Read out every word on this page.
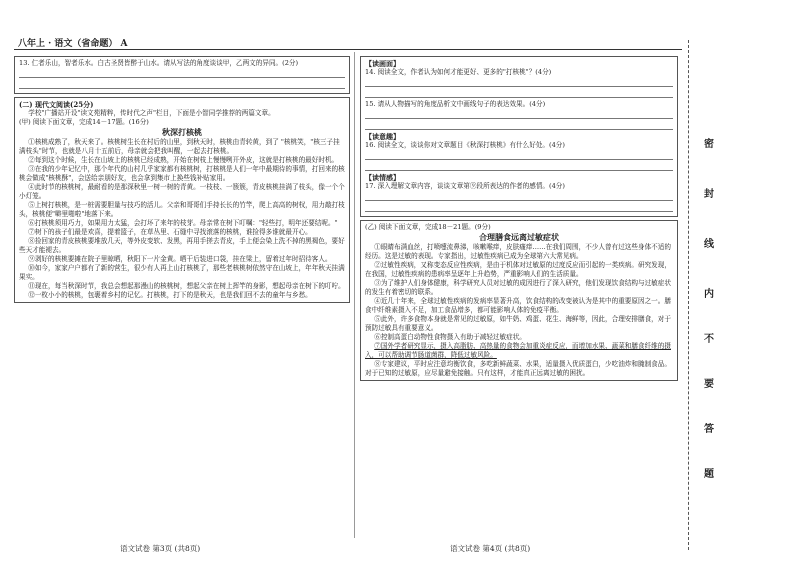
八年上 · 语文（省命题） A
13. 仁者乐山，智者乐水。白古圣贤皆醉于山水。请从写法的角度谈谈甲，乙两文的异同。(2分)
(二) 现代文阅读(25分)
学校"广播站开设"读文苑精粹，传时代之声"栏目，下面是小智同学推荐的两篇文章。
(甲) 阅读下面文章，完成14－17题。(16分)
秋深打核桃

①核桃成熟了，秋天来了。核桃树生长在村后的山里，到秋天时，核桃由青转黄，到了 "核桃笑，"核三子挂满枝头"时节，也就是八月十五前后，母亲就会把我叫醒，一起去打核桃。

②每到这个时候，生长在山坡上的核桃已经成熟，开始在树枝上慢慢咧开外皮，这就是打核桃的最好时机。

③在我的少年记忆中，那个年代的山村几乎家家都有核桃树，打核桃是人们一年中最期待的事情，打回来的核桃会做成"核桃酥"，会送给亲朋好友，也会拿到集市上换些钱补贴家用。

④此时节的核桃树，最耐看的是那深秋里一树一树的青黄。一枝枝、一簇簇，青皮核桃挂满了枝头，像一个个小灯笼。

⑤上树打核桃，是一桩需要胆量与技巧的活儿。父亲和哥哥们手持长长的竹竿，爬上高高的树杈，用力敲打枝头，核桃便"噼里啪啦"地落下来。

⑥打核桃须用巧力，如果用力太猛，会打坏了来年的枝芽。母亲常在树下叮嘱："轻些打，明年还要结呢。"

⑦树下的孩子们最是欢喜，提着篮子，在草丛里、石缝中寻找滚落的核桃，谁捡得多谁就最开心。

⑧捡回家的青皮核桃要堆放几天，等外皮变软、发黑，再用手搓去青皮，手上便会染上洗不掉的黑褐色，要好些天才能褪去。

⑨剥好的核桃要摊在院子里晾晒，秋阳下一片金黄。晒干后装进口袋，挂在梁上，留着过年时招待客人。

⑩如今，家家户户都有了新的营生，很少有人再上山打核桃了，那些老核桃树依然守在山坡上，年年秋天挂满果实。

⑪现在，每当秋深时节，我总会想起那漫山的核桃树，想起父亲在树上挥竿的身影，想起母亲在树下的叮咛。

⑫一枚小小的核桃，包裹着乡村的记忆。打核桃，打下的是秋天，也是我们回不去的童年与乡愁。

【读画面】
14. 阅读全文，作者认为如何才能更好、更多的"打核桃"？(4分)
15. 请从人物描写的角度品析文中画线句子的表达效果。(4分)
【读意趣】
16. 阅读全文，谈谈你对文章题目《秋深打核桃》有什么好处。(4分)
【读情感】
17. 深入理解文章内容，谈谈文章第⑨段所表达的作者的感情。(4分)
(乙) 阅读下面文章，完成18－21题。(9分)
合理膳食远离过敏症状

①眼睛布满血丝，打喷嚏流鼻涕，咳嗽喉痒，皮肤瘙痒……在我们周围，不少人曾有过这些身体不适的经历。这是过敏的表现。专家指出，过敏性疾病已成为全球第六大常见病。

②过敏性疾病，又称变态反应性疾病，是由于机体对过敏原的过度反应而引起的一类疾病。研究发现，在我国，过敏性疾病的患病率呈逐年上升趋势，严重影响人们的生活质量。

③为了维护人们身体健康，科学研究人员对过敏的成因进行了深入研究，他们发现饮食结构与过敏症状的发生有着密切的联系。

④近几十年来，全球过敏性疾病的发病率显著升高，饮食结构的改变被认为是其中的重要原因之一。膳食中纤维素摄入不足，加工食品增多，都可能影响人体的免疫平衡。

⑤此外，许多食物本身就是常见的过敏原，如牛奶、鸡蛋、花生、海鲜等，因此，合理安排膳食，对于预防过敏具有重要意义。

⑥控制高蛋白动物性食物摄入有助于减轻过敏症状。

⑦国外学者研究显示，摄入高脂肪、高热量的食物会加重炎症反应，而增加水果、蔬菜和膳食纤维的摄入，可以帮助调节肠道菌群，降低过敏风险。

⑧专家建议，平时应注意均衡饮食，多吃新鲜蔬菜、水果，适量摄入优质蛋白，少吃油炸和腌制食品。对于已知的过敏原，应尽量避免接触。只有这样，才能真正远离过敏的困扰。

语文试卷 第3页 (共8页)	语文试卷 第4页 (共8页)
密
封
线
内
不
要
答
题
